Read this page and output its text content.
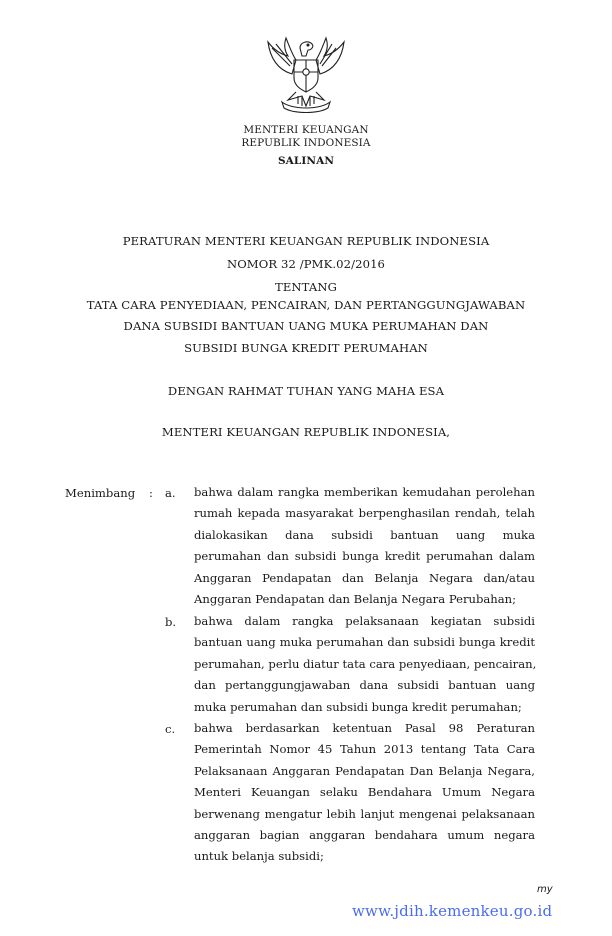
MENTERI KEUANGAN
REPUBLIK INDONESIA
SALINAN
PERATURAN MENTERI KEUANGAN REPUBLIK INDONESIA
NOMOR 32 /PMK.02/2016
TENTANG
TATA CARA PENYEDIAAN, PENCAIRAN, DAN PERTANGGUNGJAWABAN
DANA SUBSIDI BANTUAN UANG MUKA PERUMAHAN DAN
SUBSIDI BUNGA KREDIT PERUMAHAN
DENGAN RAHMAT TUHAN YANG MAHA ESA
MENTERI KEUANGAN REPUBLIK INDONESIA,
Menimbang : a. bahwa dalam rangka memberikan kemudahan perolehan
rumah kepada masyarakat berpenghasilan rendah, telah
dialokasikan dana subsidi bantuan uang muka
perumahan dan subsidi bunga kredit perumahan dalam
Anggaran Pendapatan dan Belanja Negara dan/atau
Anggaran Pendapatan dan Belanja Negara Perubahan;
b. bahwa dalam rangka pelaksanaan kegiatan subsidi
bantuan uang muka perumahan dan subsidi bunga kredit
perumahan, perlu diatur tata cara penyediaan, pencairan,
dan pertanggungjawaban dana subsidi bantuan uang
muka perumahan dan subsidi bunga kredit perumahan;
c. bahwa berdasarkan ketentuan Pasal 98 Peraturan
Pemerintah Nomor 45 Tahun 2013 tentang Tata Cara
Pelaksanaan Anggaran Pendapatan Dan Belanja Negara,
Menteri Keuangan selaku Bendahara Umum Negara
berwenang mengatur lebih lanjut mengenai pelaksanaan
anggaran bagian anggaran bendahara umum negara
untuk belanja subsidi;
my
www.jdih.kemenkeu.go.id
